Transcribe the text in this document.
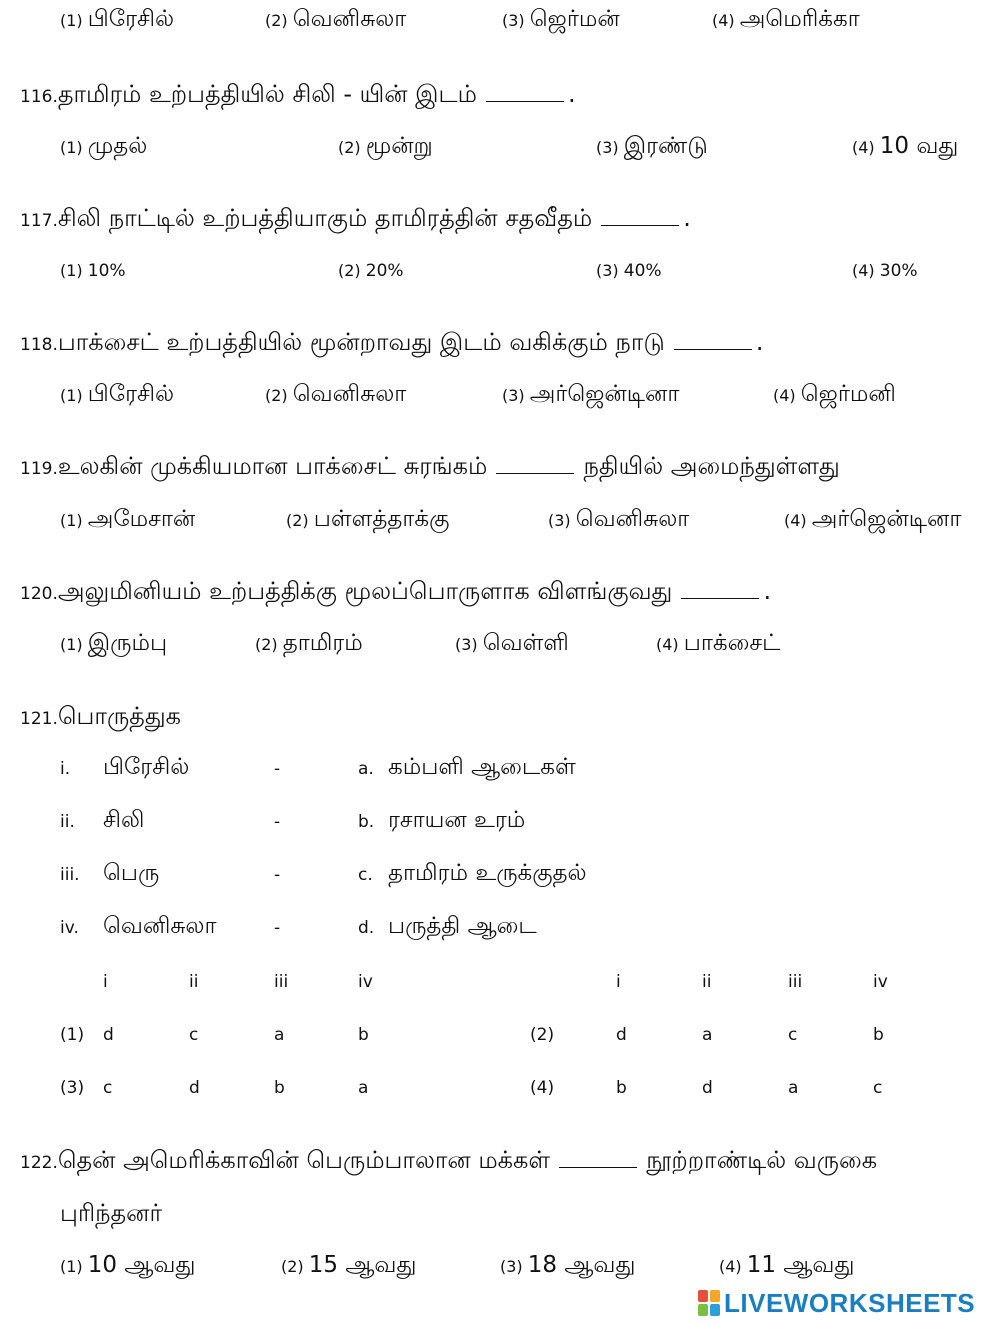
(1) பிரேசில்	(2) வெனிசுலா	(3) ஜெர்மன்	(4) அமெரிக்கா
116.தாமிரம் உற்பத்தியில் சிலி - யின் இடம்	.
(1) முதல்	(2) மூன்று	(3) இரண்டு	(4) 10 வது
117.சிலி நாட்டில் உற்பத்தியாகும் தாமிரத்தின் சதவீதம்	.
(1) 10%	(2) 20%	(3) 40%	(4) 30%
118.பாக்சைட் உற்பத்தியில் மூன்றாவது இடம் வகிக்கும் நாடு	.
(1) பிரேசில்	(2) வெனிசுலா	(3) அர்ஜென்டினா	(4) ஜெர்மனி
119.உலகின் முக்கியமான பாக்சைட் சுரங்கம்	நதியில் அமைந்துள்ளது
(1) அமேசான்	(2) பள்ளத்தாக்கு	(3) வெனிசுலா	(4) அர்ஜென்டினா
120.அலுமினியம் உற்பத்திக்கு மூலப்பொருளாக விளங்குவது	.
(1) இரும்பு	(2) தாமிரம்	(3) வெள்ளி	(4) பாக்சைட்
121.பொருத்துக
i. பிரேசில்	-	a. கம்பளி ஆடைகள்
ii. சிலி	-	b. ரசாயன உரம்
iii. பெரு	-	c. தாமிரம் உருக்குதல்
iv. வெனிசுலா	-	d. பருத்தி ஆடை
i	ii	iii	iv	i	ii	iii	iv
(1) d	c	a	b	(2)	d	a	c	b
(3) c	d	b	a	(4)	b	d	a	c
122.தென் அமெரிக்காவின் பெரும்பாலான மக்கள்	நூற்றாண்டில் வருகை
புரிந்தனர்
(1) 10 ஆவது	(2) 15 ஆவது	(3) 18 ஆவது	(4) 11 ஆவது
LIVEWORKSHEETS
